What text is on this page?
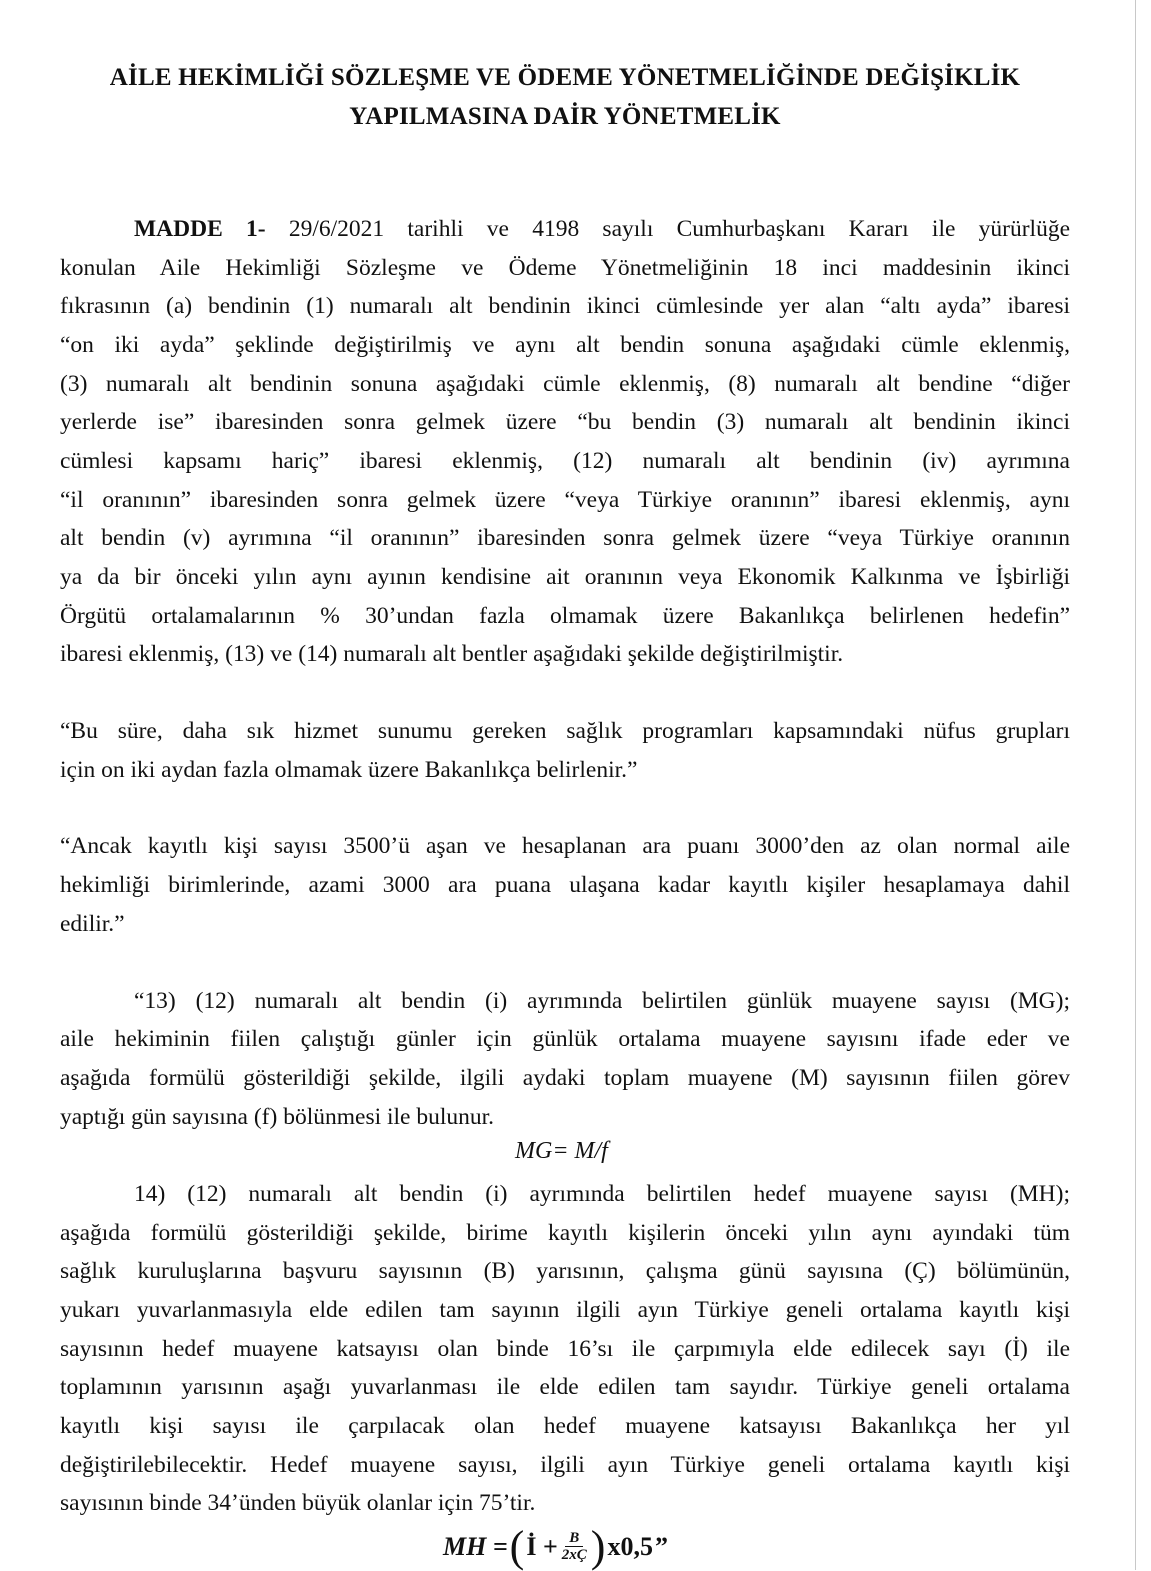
AİLE HEKİMLİĞİ SÖZLEŞME VE ÖDEME YÖNETMELİĞİNDE DEĞİŞİKLİK
YAPILMASINA DAİR YÖNETMELİK
MADDE 1- 29/6/2021 tarihli ve 4198 sayılı Cumhurbaşkanı Kararı ile yürürlüğe
konulan Aile Hekimliği Sözleşme ve Ödeme Yönetmeliğinin 18 inci maddesinin ikinci
fıkrasının (a) bendinin (1) numaralı alt bendinin ikinci cümlesinde yer alan “altı ayda” ibaresi
“on iki ayda” şeklinde değiştirilmiş ve aynı alt bendin sonuna aşağıdaki cümle eklenmiş,
(3) numaralı alt bendinin sonuna aşağıdaki cümle eklenmiş, (8) numaralı alt bendine “diğer
yerlerde ise” ibaresinden sonra gelmek üzere “bu bendin (3) numaralı alt bendinin ikinci
cümlesi kapsamı hariç” ibaresi eklenmiş, (12) numaralı alt bendinin (iv) ayrımına
“il oranının” ibaresinden sonra gelmek üzere “veya Türkiye oranının” ibaresi eklenmiş, aynı
alt bendin (v) ayrımına “il oranının” ibaresinden sonra gelmek üzere “veya Türkiye oranının
ya da bir önceki yılın aynı ayının kendisine ait oranının veya Ekonomik Kalkınma ve İşbirliği
Örgütü ortalamalarının % 30’undan fazla olmamak üzere Bakanlıkça belirlenen hedefin”
ibaresi eklenmiş, (13) ve (14) numaralı alt bentler aşağıdaki şekilde değiştirilmiştir.
“Bu süre, daha sık hizmet sunumu gereken sağlık programları kapsamındaki nüfus grupları
için on iki aydan fazla olmamak üzere Bakanlıkça belirlenir.”
“Ancak kayıtlı kişi sayısı 3500’ü aşan ve hesaplanan ara puanı 3000’den az olan normal aile
hekimliği birimlerinde, azami 3000 ara puana ulaşana kadar kayıtlı kişiler hesaplamaya dahil
edilir.”
“13) (12) numaralı alt bendin (i) ayrımında belirtilen günlük muayene sayısı (MG);
aile hekiminin fiilen çalıştığı günler için günlük ortalama muayene sayısını ifade eder ve
aşağıda formülü gösterildiği şekilde, ilgili aydaki toplam muayene (M) sayısının fiilen görev
yaptığı gün sayısına (f) bölünmesi ile bulunur.
MG= M/f
14) (12) numaralı alt bendin (i) ayrımında belirtilen hedef muayene sayısı (MH);
aşağıda formülü gösterildiği şekilde, birime kayıtlı kişilerin önceki yılın aynı ayındaki tüm
sağlık kuruluşlarına başvuru sayısının (B) yarısının, çalışma günü sayısına (Ç) bölümünün,
yukarı yuvarlanmasıyla elde edilen tam sayının ilgili ayın Türkiye geneli ortalama kayıtlı kişi
sayısının hedef muayene katsayısı olan binde 16’sı ile çarpımıyla elde edilecek sayı (İ) ile
toplamının yarısının aşağı yuvarlanması ile elde edilen tam sayıdır. Türkiye geneli ortalama
kayıtlı kişi sayısı ile çarpılacak olan hedef muayene katsayısı Bakanlıkça her yıl
değiştirilebilecektir. Hedef muayene sayısı, ilgili ayın Türkiye geneli ortalama kayıtlı kişi
sayısının binde 34’ünden büyük olanlar için 75’tir.
MH = ( İ + $\frac{B}{2xÇ}$ ) x0,5 ”
